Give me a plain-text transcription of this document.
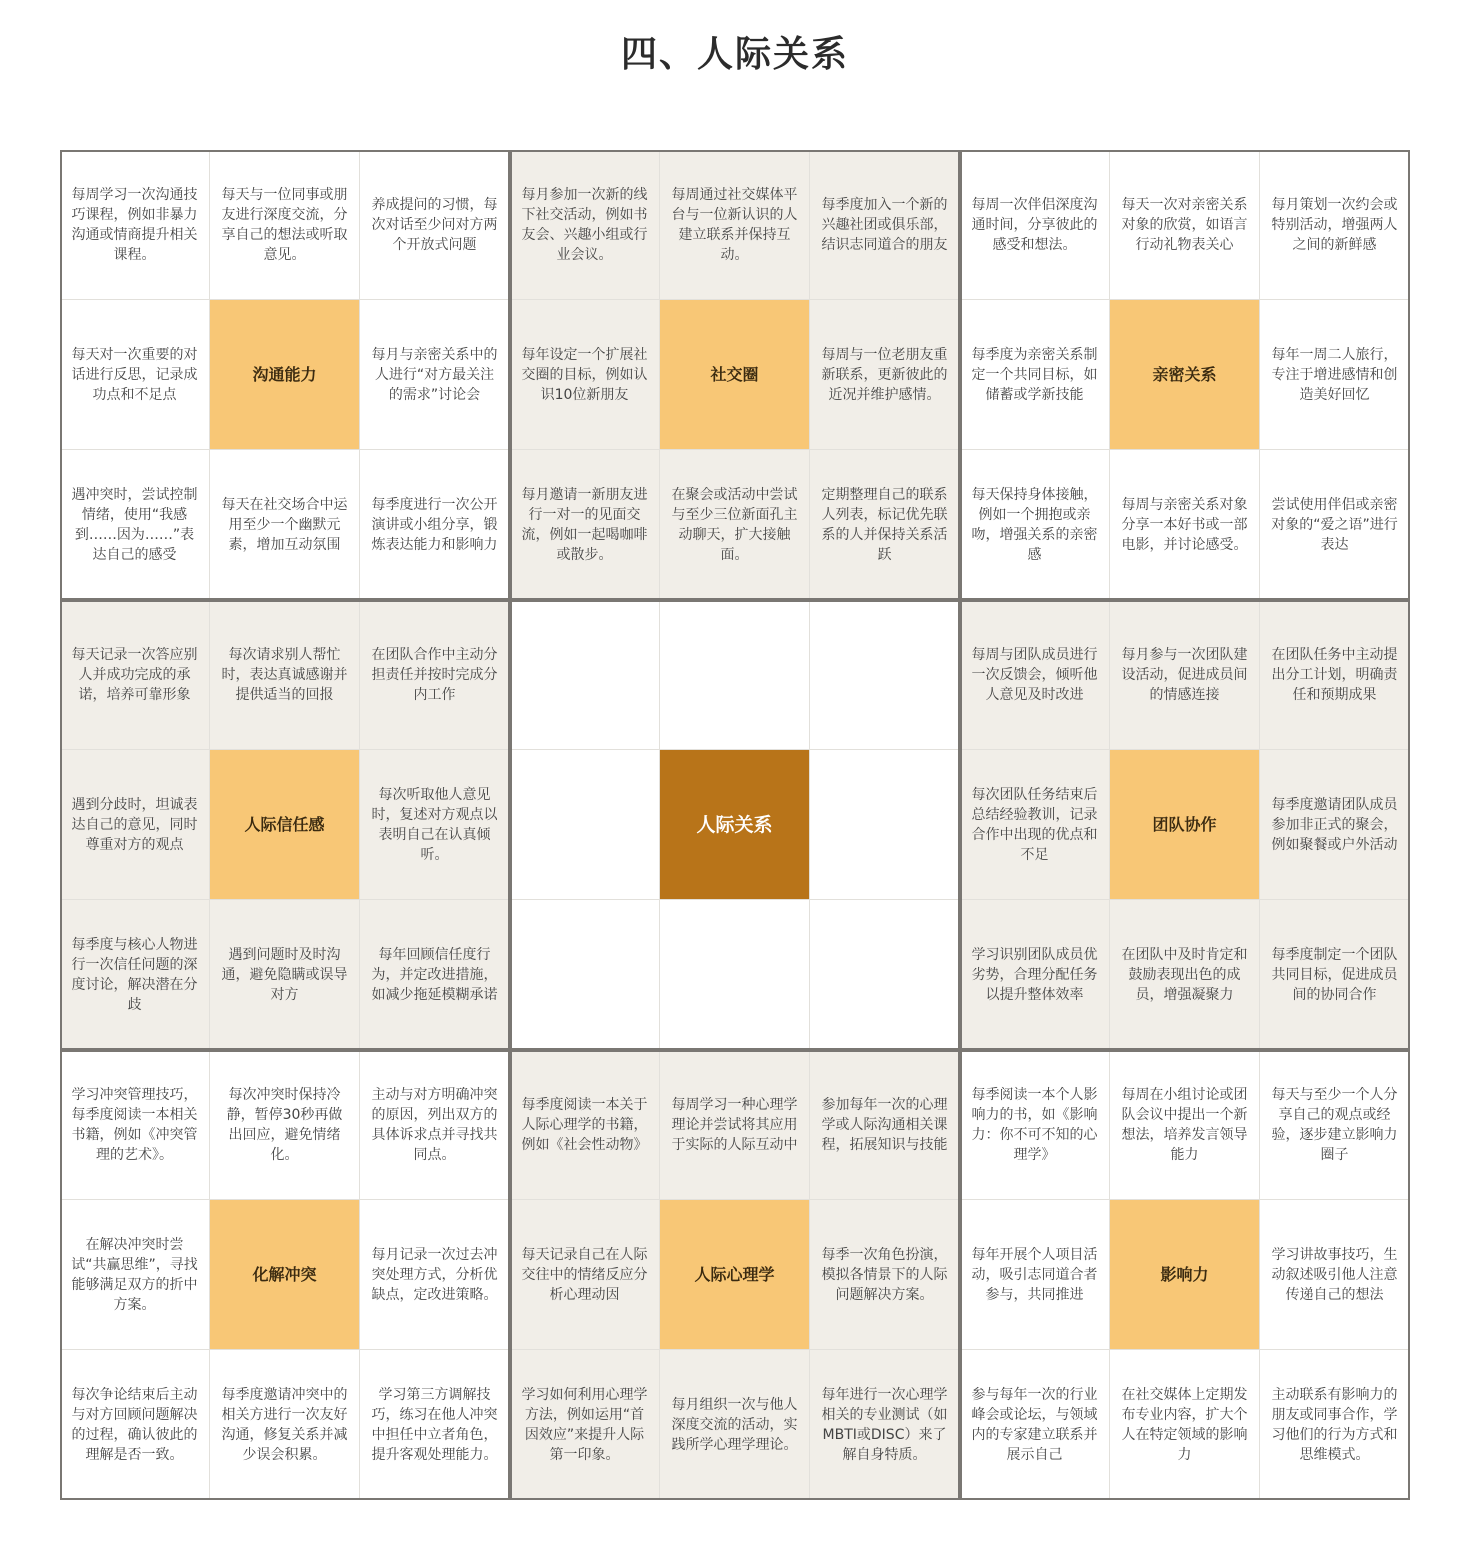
四、人际关系
每周学习一次沟通技巧课程，例如非暴力沟通或情商提升相关课程。
每天与一位同事或朋友进行深度交流，分享自己的想法或听取意见。
养成提问的习惯，每次对话至少问对方两个开放式问题
每天对一次重要的对话进行反思，记录成功点和不足点
沟通能力
每月与亲密关系中的人进行“对方最关注的需求”讨论会
遇冲突时，尝试控制情绪，使用“我感到……因为……”表达自己的感受
每天在社交场合中运用至少一个幽默元素，增加互动氛围
每季度进行一次公开演讲或小组分享，锻炼表达能力和影响力
每月参加一次新的线下社交活动，例如书友会、兴趣小组或行业会议。
每周通过社交媒体平台与一位新认识的人建立联系并保持互动。
每季度加入一个新的兴趣社团或俱乐部，结识志同道合的朋友
每年设定一个扩展社交圈的目标，例如认识10位新朋友
社交圈
每周与一位老朋友重新联系，更新彼此的近况并维护感情。
每月邀请一新朋友进行一对一的见面交流，例如一起喝咖啡或散步。
在聚会或活动中尝试与至少三位新面孔主动聊天，扩大接触面。
定期整理自己的联系人列表，标记优先联系的人并保持关系活跃
每周一次伴侣深度沟通时间，分享彼此的感受和想法。
每天一次对亲密关系对象的欣赏，如语言行动礼物表关心
每月策划一次约会或特别活动，增强两人之间的新鲜感
每季度为亲密关系制定一个共同目标，如储蓄或学新技能
亲密关系
每年一周二人旅行，专注于增进感情和创造美好回忆
每天保持身体接触，例如一个拥抱或亲吻，增强关系的亲密感
每周与亲密关系对象分享一本好书或一部电影，并讨论感受。
尝试使用伴侣或亲密对象的“爱之语”进行表达
每天记录一次答应别人并成功完成的承诺，培养可靠形象
每次请求别人帮忙时，表达真诚感谢并提供适当的回报
在团队合作中主动分担责任并按时完成分内工作
遇到分歧时，坦诚表达自己的意见，同时尊重对方的观点
人际信任感
每次听取他人意见时，复述对方观点以表明自己在认真倾听。
每季度与核心人物进行一次信任问题的深度讨论，解决潜在分歧
遇到问题时及时沟通，避免隐瞒或误导对方
每年回顾信任度行为，并定改进措施，如减少拖延模糊承诺
人际关系
每周与团队成员进行一次反馈会，倾听他人意见及时改进
每月参与一次团队建设活动，促进成员间的情感连接
在团队任务中主动提出分工计划，明确责任和预期成果
每次团队任务结束后总结经验教训，记录合作中出现的优点和不足
团队协作
每季度邀请团队成员参加非正式的聚会，例如聚餐或户外活动
学习识别团队成员优劣势，合理分配任务以提升整体效率
在团队中及时肯定和鼓励表现出色的成员，增强凝聚力
每季度制定一个团队共同目标，促进成员间的协同合作
学习冲突管理技巧，每季度阅读一本相关书籍，例如《冲突管理的艺术》。
每次冲突时保持冷静，暂停30秒再做出回应，避免情绪化。
主动与对方明确冲突的原因，列出双方的具体诉求点并寻找共同点。
在解决冲突时尝试“共赢思维”，寻找能够满足双方的折中方案。
化解冲突
每月记录一次过去冲突处理方式，分析优缺点，定改进策略。
每次争论结束后主动与对方回顾问题解决的过程，确认彼此的理解是否一致。
每季度邀请冲突中的相关方进行一次友好沟通，修复关系并减少误会积累。
学习第三方调解技巧，练习在他人冲突中担任中立者角色，提升客观处理能力。
每季度阅读一本关于人际心理学的书籍，例如《社会性动物》
每周学习一种心理学理论并尝试将其应用于实际的人际互动中
参加每年一次的心理学或人际沟通相关课程，拓展知识与技能
每天记录自己在人际交往中的情绪反应分析心理动因
人际心理学
每季一次角色扮演，模拟各情景下的人际问题解决方案。
学习如何利用心理学方法，例如运用“首因效应”来提升人际第一印象。
每月组织一次与他人深度交流的活动，实践所学心理学理论。
每年进行一次心理学相关的专业测试（如MBTI或DISC）来了解自身特质。
每季阅读一本个人影响力的书，如《影响力：你不可不知的心理学》
每周在小组讨论或团队会议中提出一个新想法，培养发言领导能力
每天与至少一个人分享自己的观点或经验，逐步建立影响力圈子
每年开展个人项目活动，吸引志同道合者参与，共同推进
影响力
学习讲故事技巧，生动叙述吸引他人注意传递自己的想法
参与每年一次的行业峰会或论坛，与领域内的专家建立联系并展示自己
在社交媒体上定期发布专业内容，扩大个人在特定领域的影响力
主动联系有影响力的朋友或同事合作，学习他们的行为方式和思维模式。
